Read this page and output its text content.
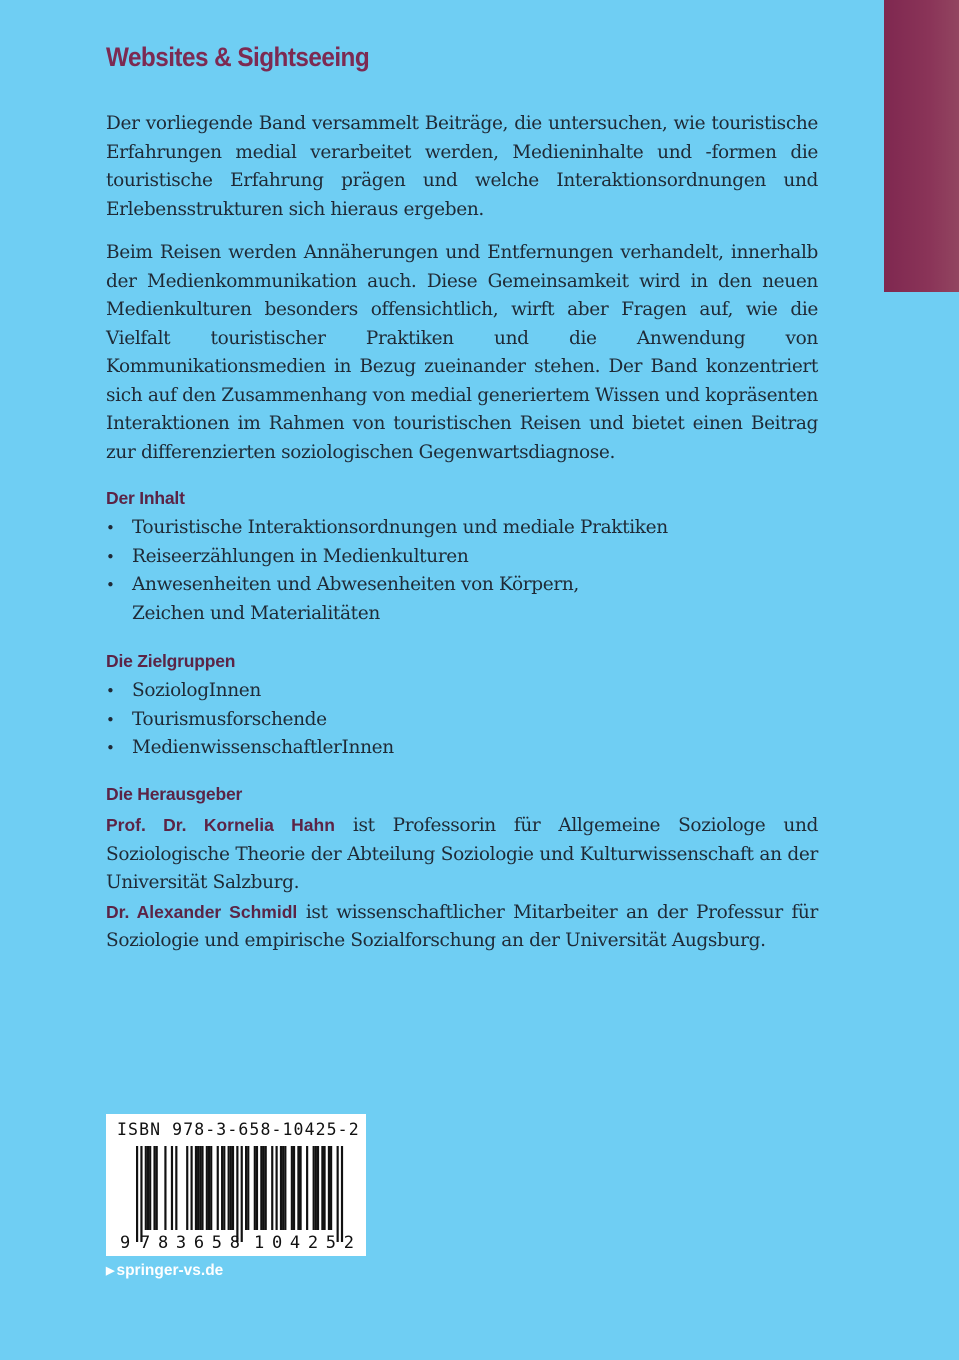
Websites & Sightseeing

Der vorliegende Band versammelt Beiträge, die untersuchen, wie touristische Erfahrungen medial verarbeitet werden, Medieninhalte und -formen die touristische Erfahrung prägen und welche Interaktionsordnungen und Erlebensstrukturen sich hieraus ergeben.

Beim Reisen werden Annäherungen und Entfernungen verhandelt, innerhalb der Medienkommunikation auch. Diese Gemeinsamkeit wird in den neuen Medienkulturen besonders offensichtlich, wirft aber Fragen auf, wie die Vielfalt touristischer Praktiken und die Anwendung von Kommunikationsmedien in Bezug zueinander stehen. Der Band konzentriert sich auf den Zusammenhang von medial generiertem Wissen und kopräsenten Interaktionen im Rahmen von touristischen Reisen und bietet einen Beitrag zur differenzierten soziologischen Gegenwartsdiagnose.

Der Inhalt
• Touristische Interaktionsordnungen und mediale Praktiken
• Reiseerzählungen in Medienkulturen
• Anwesenheiten und Abwesenheiten von Körpern, Zeichen und Materialitäten
Die Zielgruppen
• SoziologInnen
• Tourismusforschende
• MedienwissenschaftlerInnen
Die Herausgeber
Prof. Dr. Kornelia Hahn ist Professorin für Allgemeine Soziologe und Soziologische Theorie der Abteilung Soziologie und Kulturwissenschaft an der Universität Salzburg.
Dr. Alexander Schmidl ist wissenschaftlicher Mitarbeiter an der Professur für Soziologie und empirische Sozialforschung an der Universität Augsburg.
ISBN 978-3-658-10425-2
9 783658 104252
▶ springer-vs.de
